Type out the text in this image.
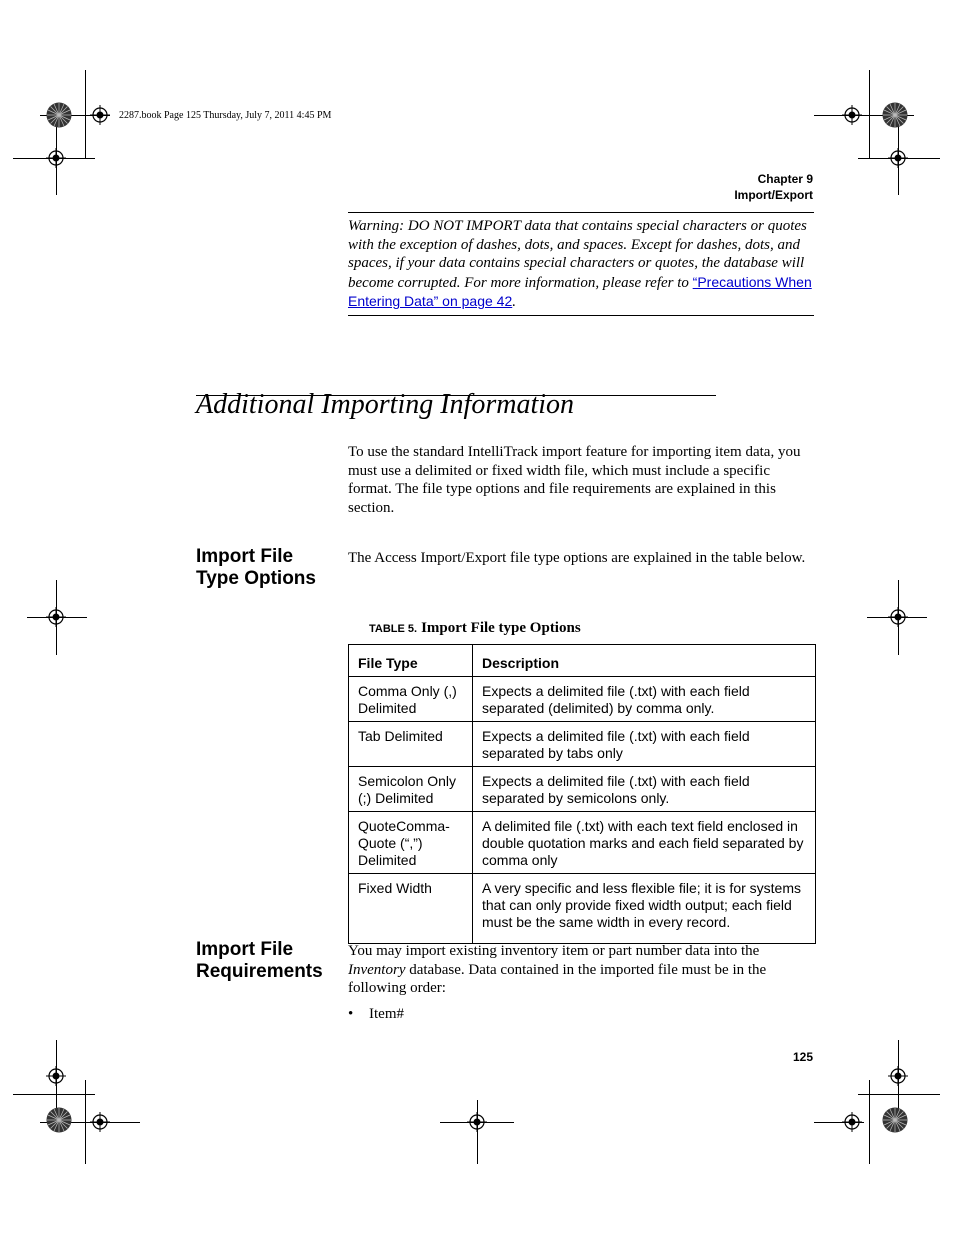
2287.book Page 125 Thursday, July 7, 2011 4:45 PM
Chapter 9
Import/Export
Warning: DO NOT IMPORT data that contains special characters or quotes with the exception of dashes, dots, and spaces. Except for dashes, dots, and spaces, if your data contains special characters or quotes, the database will become corrupted. For more information, please refer to “Precautions When Entering Data” on page 42.
Additional Importing Information
To use the standard IntelliTrack import feature for importing item data, you must use a delimited or fixed width file, which must include a specific format. The file type options and file requirements are explained in this section.
Import File
Type Options
The Access Import/Export file type options are explained in the table below.
TABLE 5. Import File type Options
File Type	Description
Comma Only (,) Delimited	Expects a delimited file (.txt) with each field separated (delimited) by comma only.
Tab Delimited	Expects a delimited file (.txt) with each field separated by tabs only
Semicolon Only (;) Delimited	Expects a delimited file (.txt) with each field separated by semicolons only.
QuoteComma-Quote (“,”) Delimited	A delimited file (.txt) with each text field enclosed in double quotation marks and each field separated by comma only
Fixed Width	A very specific and less flexible file; it is for systems that can only provide fixed width output; each field must be the same width in every record.
Import File
Requirements
You may import existing inventory item or part number data into the Inventory database. Data contained in the imported file must be in the following order:
• Item#
125
